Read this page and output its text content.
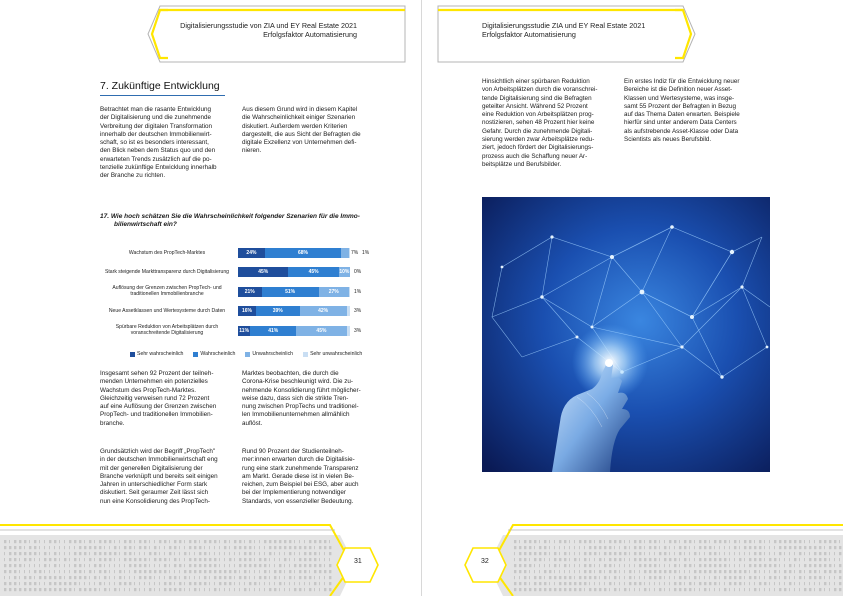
Digitalisierungsstudie von ZIA und EY Real Estate 2021
Erfolgsfaktor Automatisierung
7. Zukünftige Entwicklung
Betrachtet man die rasante Entwicklung
der Digitalisierung und die zunehmende
Verbreitung der digitalen Transformation
innerhalb der deutschen Immobilienwirt-
schaft, so ist es besonders interessant,
den Blick neben dem Status quo und den
erwarteten Trends zusätzlich auf die po-
tenzielle zukünftige Entwicklung innerhalb
der Branche zu richten.
Aus diesem Grund wird in diesem Kapitel
die Wahrscheinlichkeit einiger Szenarien
diskutiert. Außerdem werden Kriterien
dargestellt, die aus Sicht der Befragten die
digitale Exzellenz von Unternehmen defi-
nieren.
17. Wie hoch schätzen Sie die Wahrscheinlichkeit folgender Szenarien für die Immo-
bilienwirtschaft ein?
Wachstum des PropTech-Marktes	24%	68%	7% 1%
Stark steigende Markttransparenz durch Digitalisierung	45%	45%	10% 0%
Auflösung der Grenzen zwischen PropTech- und
traditionellen Immobilienbranche	21%	51%	27%	1%
Neue Assetklassen und Wertesysteme durch Daten	16%	39%	42%	3%
Spürbare Reduktion von Arbeitsplätzen durch
voranschreitende Digitalisierung	11%	41%	45%	3%
Sehr wahrscheinlich	Wahrscheinlich	Unwahrscheinlich	Sehr unwahrscheinlich
Insgesamt sehen 92 Prozent der teilneh-
menden Unternehmen ein potenzielles
Wachstum des PropTech-Marktes.
Gleichzeitig verweisen rund 72 Prozent
auf eine Auflösung der Grenzen zwischen
PropTech- und traditionellen Immobilien-
branche.
Grundsätzlich wird der Begriff „PropTech"
in der deutschen Immobilienwirtschaft eng
mit der generellen Digitalisierung der
Branche verknüpft und bereits seit einigen
Jahren in unterschiedlicher Form stark
diskutiert. Seit geraumer Zeit lässt sich
nun eine Konsolidierung des PropTech-
Marktes beobachten, die durch die
Corona-Krise beschleunigt wird. Die zu-
nehmende Konsolidierung führt möglicher-
weise dazu, dass sich die strikte Tren-
nung zwischen PropTechs und traditionel-
len Immobilienunternehmen allmählich
auflöst.
Rund 90 Prozent der Studienteilneh-
mer:innen erwarten durch die Digitalisie-
rung eine stark zunehmende Transparenz
am Markt. Gerade diese ist in vielen Be-
reichen, zum Beispiel bei ESG, aber auch
bei der Implementierung notwendiger
Standards, von essenzieller Bedeutung.
31
Digitalisierungsstudie ZIA und EY Real Estate 2021
Erfolgsfaktor Automatisierung
Hinsichtlich einer spürbaren Reduktion
von Arbeitsplätzen durch die voranschrei-
tende Digitalisierung sind die Befragten
geteilter Ansicht. Während 52 Prozent
eine Reduktion von Arbeitsplätzen prog-
nostizieren, sehen 48 Prozent hier keine
Gefahr. Durch die zunehmende Digitali-
sierung werden zwar Arbeitsplätze redu-
ziert, jedoch fördert der Digitalisierungs-
prozess auch die Schaffung neuer Ar-
beitsplätze und Berufsbilder.
Ein erstes Indiz für die Entwicklung neuer
Bereiche ist die Definition neuer Asset-
Klassen und Wertesysteme, was insge-
samt 55 Prozent der Befragten in Bezug
auf das Thema Daten erwarten. Beispiele
hierfür sind unter anderem Data Centers
als aufstrebende Asset-Klasse oder Data
Scientists als neues Berufsbild.
32
